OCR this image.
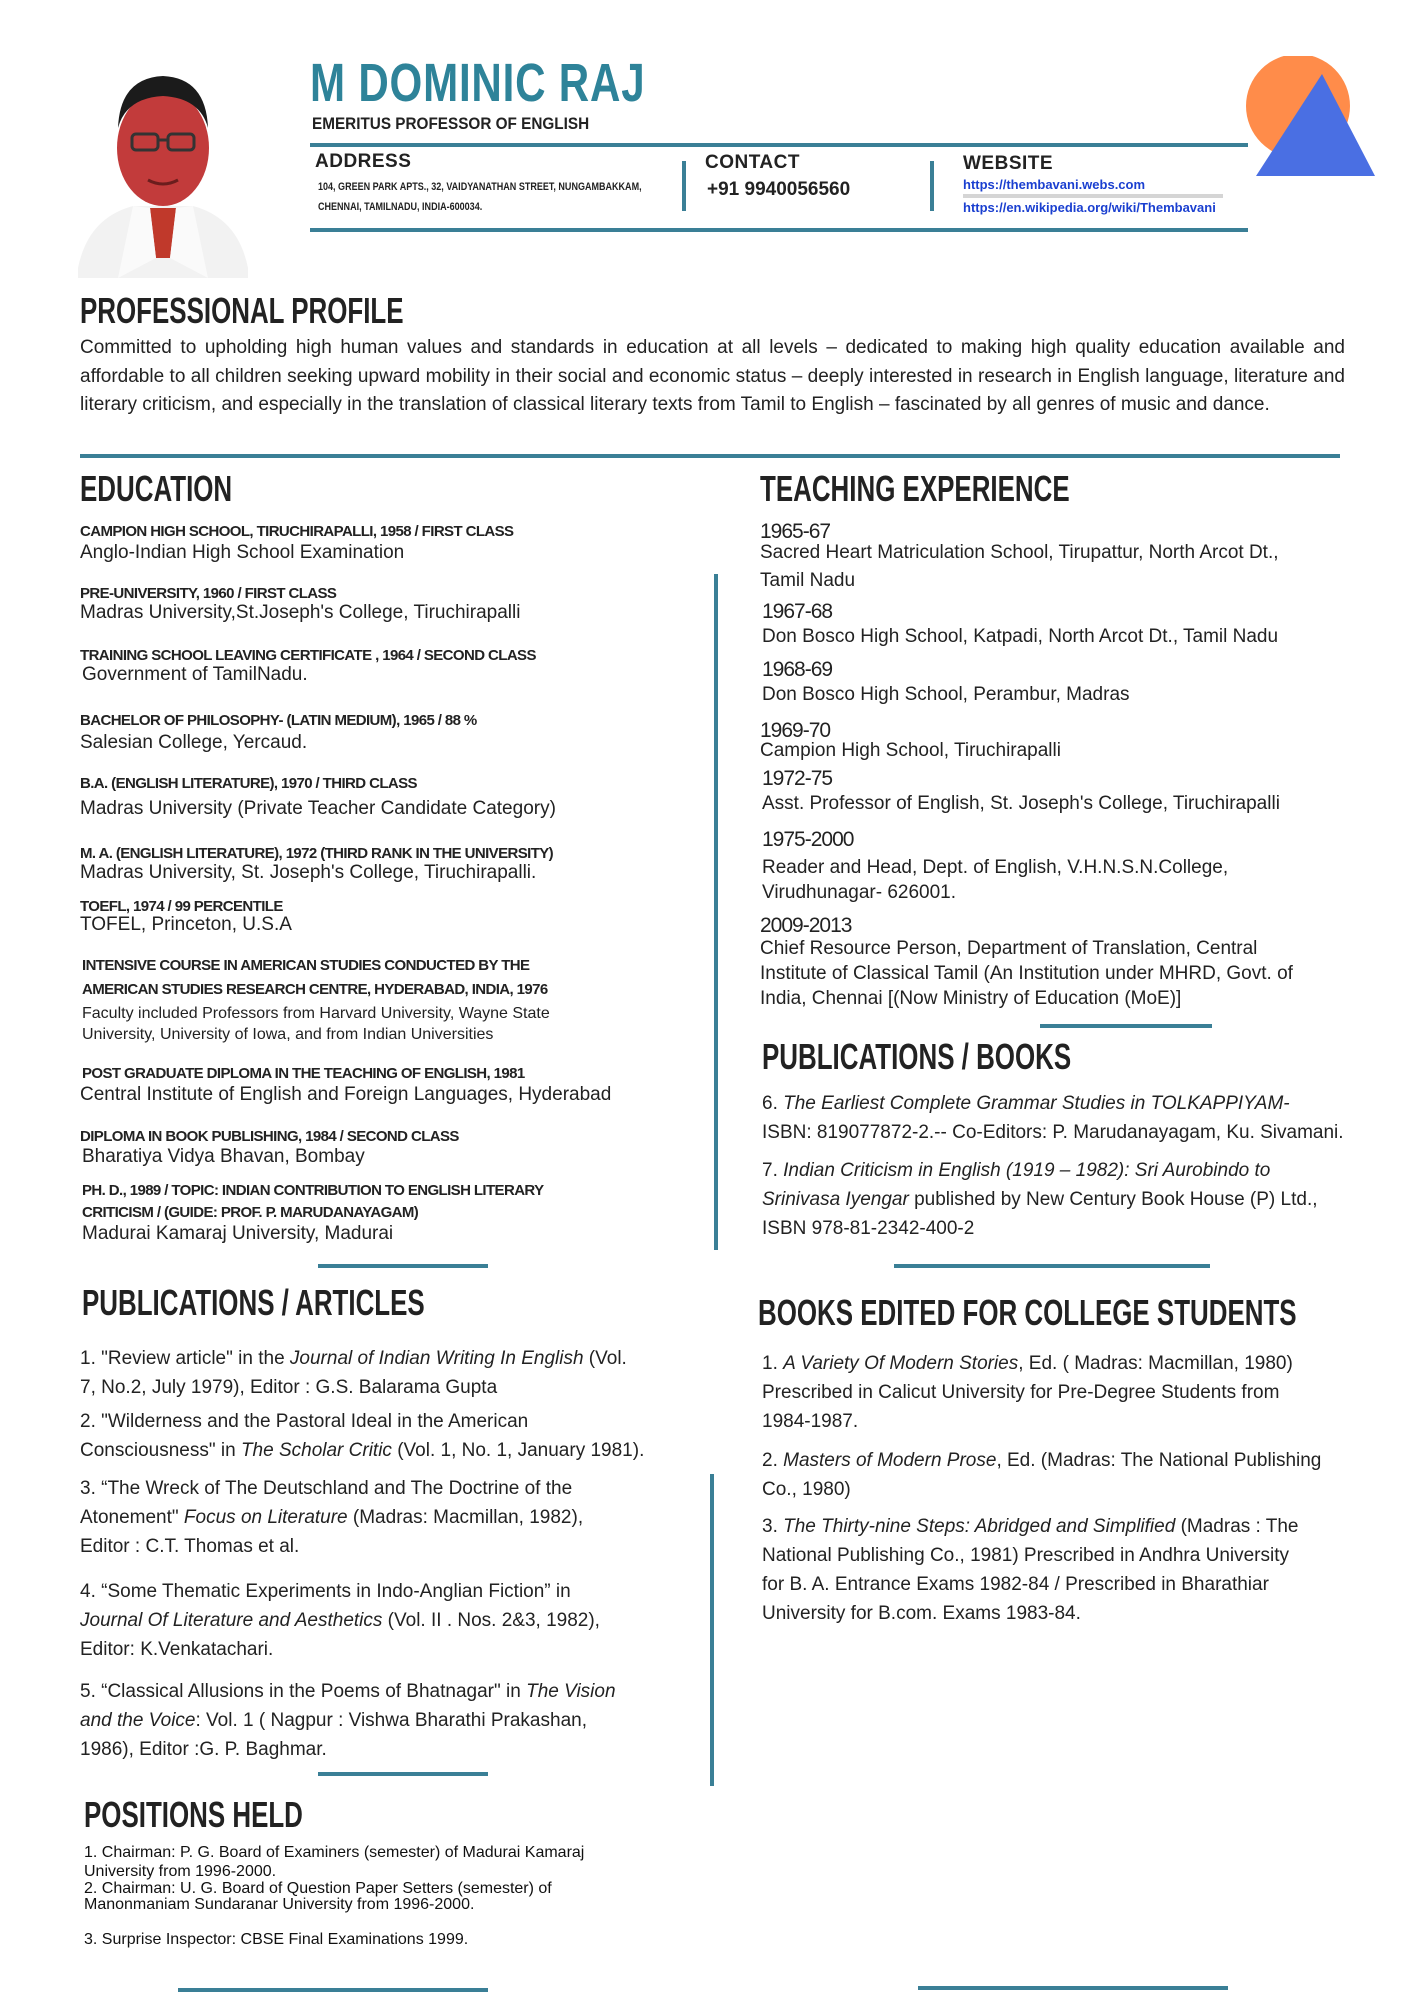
M DOMINIC RAJ
EMERITUS PROFESSOR OF ENGLISH
ADDRESS
104, GREEN PARK APTS., 32, VAIDYANATHAN STREET, NUNGAMBAKKAM,
CHENNAI, TAMILNADU, INDIA-600034.
CONTACT
+91 9940056560
WEBSITE
https://thembavani.webs.com
https://en.wikipedia.org/wiki/Thembavani
PROFESSIONAL PROFILE
Committed to upholding high human values and standards in education at all levels – dedicated to making high quality education available and affordable to all children seeking upward mobility in their social and economic status – deeply interested in research in English language, literature and literary criticism, and especially in the translation of classical literary texts from Tamil to English – fascinated by all genres of music and dance.
EDUCATION
CAMPION HIGH SCHOOL, TIRUCHIRAPALLI, 1958 / FIRST CLASS
Anglo-Indian High School Examination
PRE-UNIVERSITY, 1960 / FIRST CLASS
Madras University,St.Joseph's College, Tiruchirapalli
TRAINING SCHOOL LEAVING CERTIFICATE , 1964 / SECOND CLASS
Government of TamilNadu.
BACHELOR OF PHILOSOPHY- (LATIN MEDIUM), 1965 / 88 %
Salesian College, Yercaud.
B.A. (ENGLISH LITERATURE), 1970 / THIRD CLASS
Madras University (Private Teacher Candidate Category)
M. A. (ENGLISH LITERATURE), 1972 (THIRD RANK IN THE UNIVERSITY)
Madras University, St. Joseph's College, Tiruchirapalli.
TOEFL, 1974 / 99 PERCENTILE
TOFEL, Princeton, U.S.A
INTENSIVE COURSE IN AMERICAN STUDIES CONDUCTED BY THE
AMERICAN STUDIES RESEARCH CENTRE, HYDERABAD, INDIA, 1976
Faculty included Professors from Harvard University, Wayne State
University, University of Iowa, and from Indian Universities
POST GRADUATE DIPLOMA IN THE TEACHING OF ENGLISH, 1981
Central Institute of English and Foreign Languages, Hyderabad
DIPLOMA IN BOOK PUBLISHING, 1984 / SECOND CLASS
Bharatiya Vidya Bhavan, Bombay
PH. D., 1989 / TOPIC: INDIAN CONTRIBUTION TO ENGLISH LITERARY
CRITICISM / (GUIDE: PROF. P. MARUDANAYAGAM)
Madurai Kamaraj University, Madurai
TEACHING EXPERIENCE
1965-67
Sacred Heart Matriculation School, Tirupattur, North Arcot Dt.,
Tamil Nadu
1967-68
Don Bosco High School, Katpadi, North Arcot Dt., Tamil Nadu
1968-69
Don Bosco High School, Perambur, Madras
1969-70
Campion High School, Tiruchirapalli
1972-75
Asst. Professor of English, St. Joseph's College, Tiruchirapalli
1975-2000
Reader and Head, Dept. of English, V.H.N.S.N.College,
Virudhunagar- 626001.
2009-2013
Chief Resource Person, Department of Translation, Central
Institute of Classical Tamil (An Institution under MHRD, Govt. of
India, Chennai [(Now Ministry of Education (MoE)]
PUBLICATIONS / BOOKS
6. The Earliest Complete Grammar Studies in TOLKAPPIYAM-
ISBN: 819077872-2.-- Co-Editors: P. Marudanayagam, Ku. Sivamani.
7. Indian Criticism in English (1919 – 1982): Sri Aurobindo to
Srinivasa Iyengar published by New Century Book House (P) Ltd.,
ISBN 978-81-2342-400-2
PUBLICATIONS / ARTICLES
1. "Review article" in the Journal of Indian Writing In English (Vol.
7, No.2, July 1979), Editor : G.S. Balarama Gupta
2. "Wilderness and the Pastoral Ideal in the American
Consciousness" in The Scholar Critic (Vol. 1, No. 1, January 1981).
3. “The Wreck of The Deutschland and The Doctrine of the
Atonement" Focus on Literature (Madras: Macmillan, 1982),
Editor : C.T. Thomas et al.
4. “Some Thematic Experiments in Indo-Anglian Fiction” in
Journal Of Literature and Aesthetics (Vol. II . Nos. 2&3, 1982),
Editor: K.Venkatachari.
5. “Classical Allusions in the Poems of Bhatnagar" in The Vision
and the Voice: Vol. 1 ( Nagpur : Vishwa Bharathi Prakashan,
1986), Editor :G. P. Baghmar.
BOOKS EDITED FOR COLLEGE STUDENTS
1. A Variety Of Modern Stories, Ed. ( Madras: Macmillan, 1980)
Prescribed in Calicut University for Pre-Degree Students from
1984-1987.
2. Masters of Modern Prose, Ed. (Madras: The National Publishing
Co., 1980)
3. The Thirty-nine Steps: Abridged and Simplified (Madras : The
National Publishing Co., 1981) Prescribed in Andhra University
for B. A. Entrance Exams 1982-84 / Prescribed in Bharathiar
University for B.com. Exams 1983-84.
POSITIONS HELD
1. Chairman: P. G. Board of Examiners (semester) of Madurai Kamaraj
University from 1996-2000.
2. Chairman: U. G. Board of Question Paper Setters (semester) of
Manonmaniam Sundaranar University from 1996-2000.
3. Surprise Inspector: CBSE Final Examinations 1999.
